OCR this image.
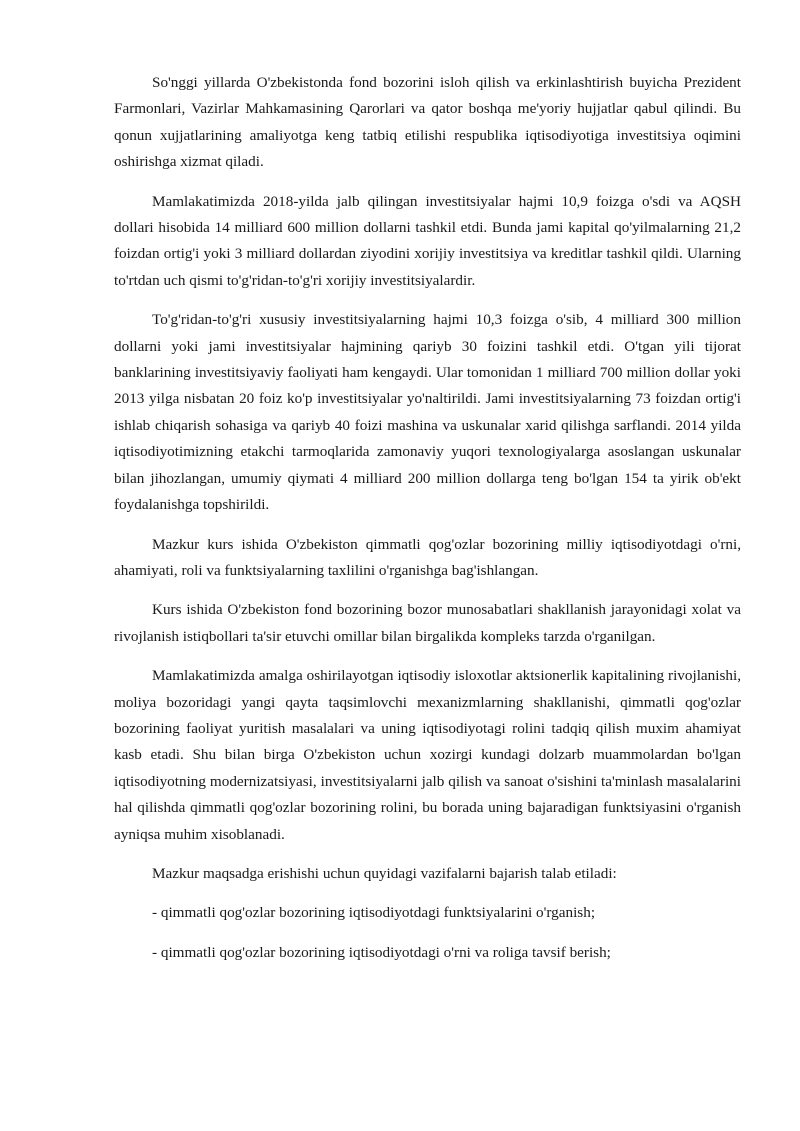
So'nggi yillarda O'zbekistonda fond bozorini isloh qilish va erkinlashtirish buyicha Prezident Farmonlari, Vazirlar Mahkamasining Qarorlari va qator boshqa me'yoriy hujjatlar qabul qilindi. Bu qonun xujjatlarining amaliyotga keng tatbiq etilishi respublika iqtisodiyotiga investitsiya oqimini oshirishga xizmat qiladi.

Mamlakatimizda 2018-yilda jalb qilingan investitsiyalar hajmi 10,9 foizga o'sdi va AQSH dollari hisobida 14 milliard 600 million dollarni tashkil etdi. Bunda jami kapital qo'yilmalarning 21,2 foizdan ortig'i yoki 3 milliard dollardan ziyodini xorijiy investitsiya va kreditlar tashkil qildi. Ularning to'rtdan uch qismi to'g'ridan-to'g'ri xorijiy investitsiyalardir.

To'g'ridan-to'g'ri xususiy investitsiyalarning hajmi 10,3 foizga o'sib, 4 milliard 300 million dollarni yoki jami investitsiyalar hajmining qariyb 30 foizini tashkil etdi. O'tgan yili tijorat banklarining investitsiyaviy faoliyati ham kengaydi. Ular tomonidan 1 milliard 700 million dollar yoki 2013 yilga nisbatan 20 foiz ko'p investitsiyalar yo'naltirildi. Jami investitsiyalarning 73 foizdan ortig'i ishlab chiqarish sohasiga va qariyb 40 foizi mashina va uskunalar xarid qilishga sarflandi. 2014 yilda iqtisodiyotimizning etakchi tarmoqlarida zamonaviy yuqori texnologiyalarga asoslangan uskunalar bilan jihozlangan, umumiy qiymati 4 milliard 200 million dollarga teng bo'lgan 154 ta yirik ob'ekt foydalanishga topshirildi.

Mazkur kurs ishida O'zbekiston qimmatli qog'ozlar bozorining milliy iqtisodiyotdagi o'rni, ahamiyati, roli va funktsiyalarning taxlilini o'rganishga bag'ishlangan.

Kurs ishida O'zbekiston fond bozorining bozor munosabatlari shakllanish jarayonidagi xolat va rivojlanish istiqbollari ta'sir etuvchi omillar bilan birgalikda kompleks tarzda o'rganilgan.

Mamlakatimizda amalga oshirilayotgan iqtisodiy isloxotlar aktsionerlik kapitalining rivojlanishi, moliya bozoridagi yangi qayta taqsimlovchi mexanizmlarning shakllanishi, qimmatli qog'ozlar bozorining faoliyat yuritish masalalari va uning iqtisodiyotagi rolini tadqiq qilish muxim ahamiyat kasb etadi. Shu bilan birga O'zbekiston uchun xozirgi kundagi dolzarb muammolardan bo'lgan iqtisodiyotning modernizatsiyasi, investitsiyalarni jalb qilish va sanoat o'sishini ta'minlash masalalarini hal qilishda qimmatli qog'ozlar bozorining rolini, bu borada uning bajaradigan funktsiyasini o'rganish ayniqsa muhim xisoblanadi.

Mazkur maqsadga erishishi uchun quyidagi vazifalarni bajarish talab etiladi:

- qimmatli qog'ozlar bozorining iqtisodiyotdagi funktsiyalarini o'rganish;

- qimmatli qog'ozlar bozorining iqtisodiyotdagi o'rni va roliga tavsif berish;
